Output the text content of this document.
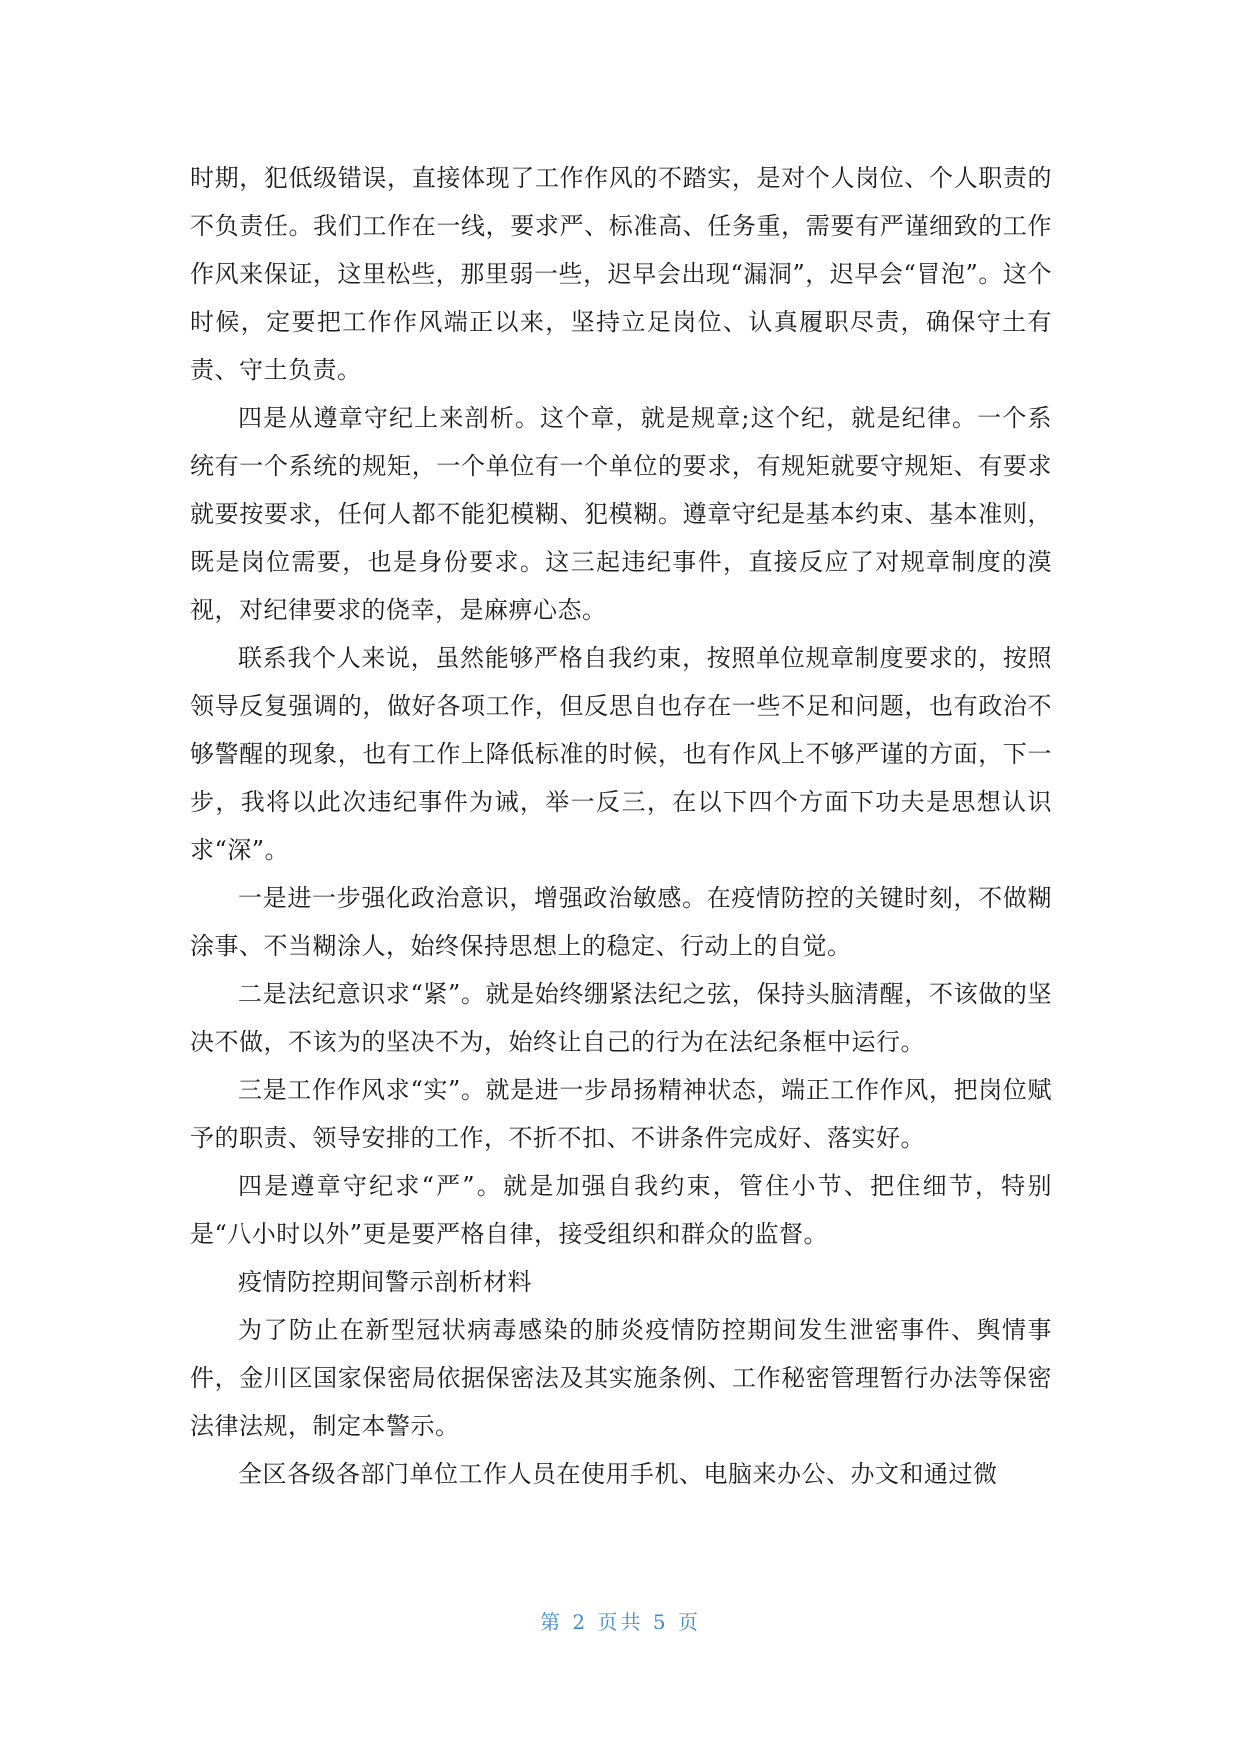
时期，犯低级错误，直接体现了工作作风的不踏实，是对个人岗位、个人职责的不负责任。我们工作在一线，要求严、标准高、任务重，需要有严谨细致的工作作风来保证，这里松些，那里弱一些，迟早会出现“漏洞”，迟早会“冒泡”。这个时候，定要把工作作风端正以来，坚持立足岗位、认真履职尽责，确保守土有责、守土负责。

四是从遵章守纪上来剖析。这个章，就是规章;这个纪，就是纪律。一个系统有一个系统的规矩，一个单位有一个单位的要求，有规矩就要守规矩、有要求就要按要求，任何人都不能犯模糊、犯模糊。遵章守纪是基本约束、基本准则，既是岗位需要，也是身份要求。这三起违纪事件，直接反应了对规章制度的漠视，对纪律要求的侥幸，是麻痹心态。

联系我个人来说，虽然能够严格自我约束，按照单位规章制度要求的，按照领导反复强调的，做好各项工作，但反思自也存在一些不足和问题，也有政治不够警醒的现象，也有工作上降低标准的时候，也有作风上不够严谨的方面，下一步，我将以此次违纪事件为诫，举一反三，在以下四个方面下功夫是思想认识求“深”。

一是进一步强化政治意识，增强政治敏感。在疫情防控的关键时刻，不做糊涂事、不当糊涂人，始终保持思想上的稳定、行动上的自觉。

二是法纪意识求“紧”。就是始终绷紧法纪之弦，保持头脑清醒，不该做的坚决不做，不该为的坚决不为，始终让自己的行为在法纪条框中运行。

三是工作作风求“实”。就是进一步昂扬精神状态，端正工作作风，把岗位赋予的职责、领导安排的工作，不折不扣、不讲条件完成好、落实好。

四是遵章守纪求“严”。就是加强自我约束，管住小节、把住细节，特别是“八小时以外”更是要严格自律，接受组织和群众的监督。

疫情防控期间警示剖析材料

为了防止在新型冠状病毒感染的肺炎疫情防控期间发生泄密事件、舆情事件，金川区国家保密局依据保密法及其实施条例、工作秘密管理暂行办法等保密法律法规，制定本警示。

全区各级各部门单位工作人员在使用手机、电脑来办公、办文和通过微

第 2 页共 5 页
